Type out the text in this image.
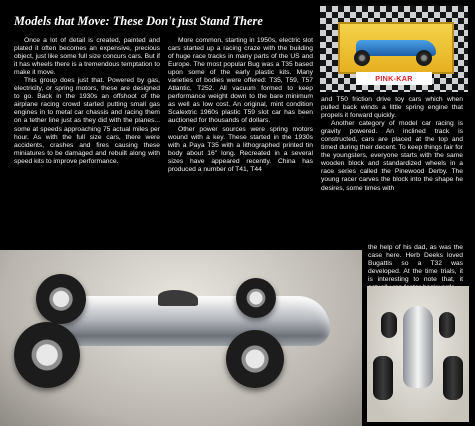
Models that Move: These Don't just Stand There

Once a lot of detail is created, painted and plated it often becomes an expensive, precious object, just like some full size concurs cars. But if it has wheels there is a tremendous temptation to make it move.

This group does just that. Powered by gas, electricity, or spring motors, these are designed to go. Back in the 1930s an offshoot of the airplane racing crowd started putting small gas engines in to metal car chassis and racing them on a tether line just as they did with the planes... some at speeds approaching 75 actual miles per hour. As with the full size cars, there were accidents, crashes and fires causing these miniatures to be damaged and rebuilt along with speed kits to improve performance.

More common, starting in 1950s, electric slot cars started up a racing craze with the building of huge race tracks in many parts of the US and Europe. The most popular Bug was a T35 based upon some of the early plastic kits. Many varieties of bodies were offered: T35, T59, T57 Atlantic, T252. All vacuum formed to keep performance weight down to the bare minimum as well as low cost. An original, mint condition Scalextric 1960s plastic T59 slot car has been auctioned for thousands of dollars.

Other power sources were spring motors wound with a key. These started in the 1930s with a Paya T35 with a lithographed printed tin body about 16" long. Recreated in a several sizes have appeared recently. China has produced a number of T41, T44

PINK-KAR

and T50 friction drive toy cars which when pulled back winds a little spring engine that propels it forward quickly.

Another category of model car racing is gravity powered. An inclined track is constructed, cars are placed at the top and timed during their decent. To keep things fair for the youngsters, everyone starts with the same wooden block and standardized wheels in a race series called the Pinewood Derby. The young racer carves the block into the shape he desires, some times with

the help of his dad, as was the case here. Herb Deeks loved Bugattis so a T32 was developed. At the time trials, it is interesting to note that, it
